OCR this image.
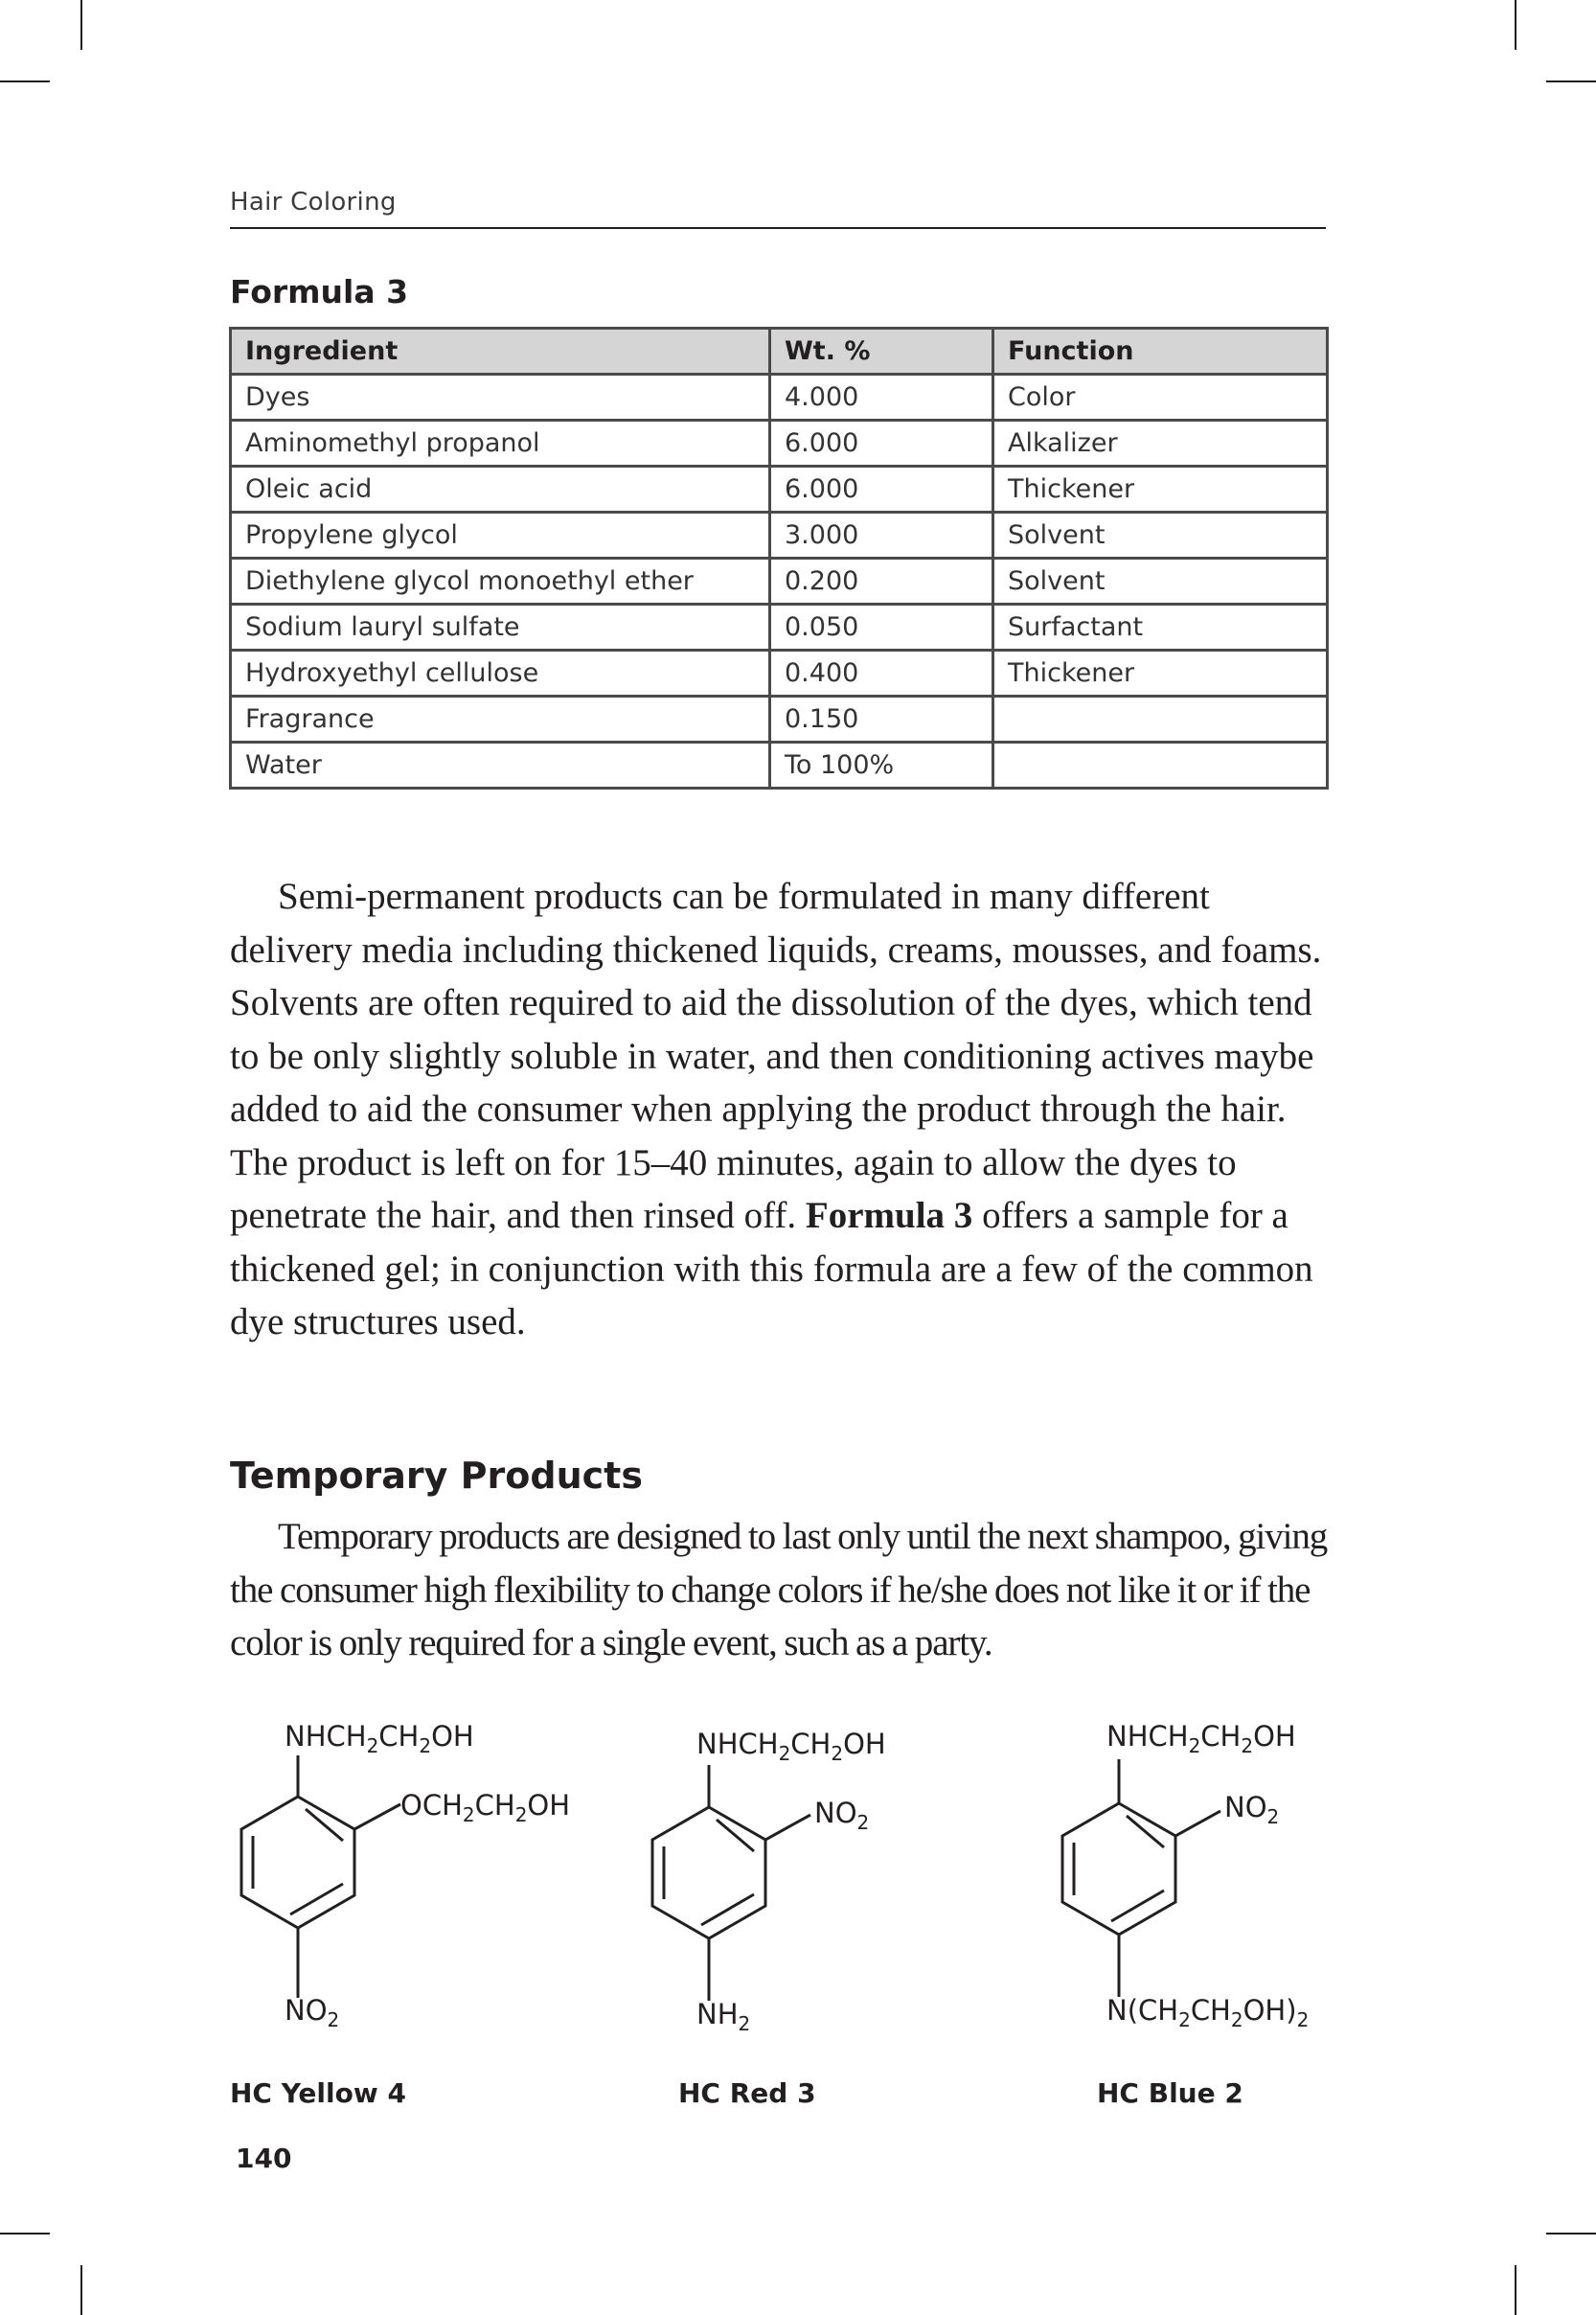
Hair Coloring
Formula 3
Ingredient	Wt. %	Function
Dyes	4.000	Color
Aminomethyl propanol	6.000	Alkalizer
Oleic acid	6.000	Thickener
Propylene glycol	3.000	Solvent
Diethylene glycol monoethyl ether	0.200	Solvent
Sodium lauryl sulfate	0.050	Surfactant
Hydroxyethyl cellulose	0.400	Thickener
Fragrance	0.150	
Water	To 100%	

Semi-permanent products can be formulated in many different delivery media including thickened liquids, creams, mousses, and foams. Solvents are often required to aid the dissolution of the dyes, which tend to be only slightly soluble in water, and then conditioning actives maybe added to aid the consumer when applying the product through the hair. The product is left on for 15–40 minutes, again to allow the dyes to penetrate the hair, and then rinsed off. Formula 3 offers a sample for a thickened gel; in conjunction with this formula are a few of the common dye structures used.

Temporary Products

Temporary products are designed to last only until the next shampoo, giving the consumer high flexibility to change colors if he/she does not like it or if the color is only required for a single event, such as a party.

$NHCH_2CH_2OH$
$OCH_2CH_2OH$
$NO_2$
$NHCH_2CH_2OH$
$NO_2$
$NH_2$
$NHCH_2CH_2OH$
$NO_2$
$N(CH_2CH_2OH)_2$

HC Yellow 4	HC Red 3	HC Blue 2

140
